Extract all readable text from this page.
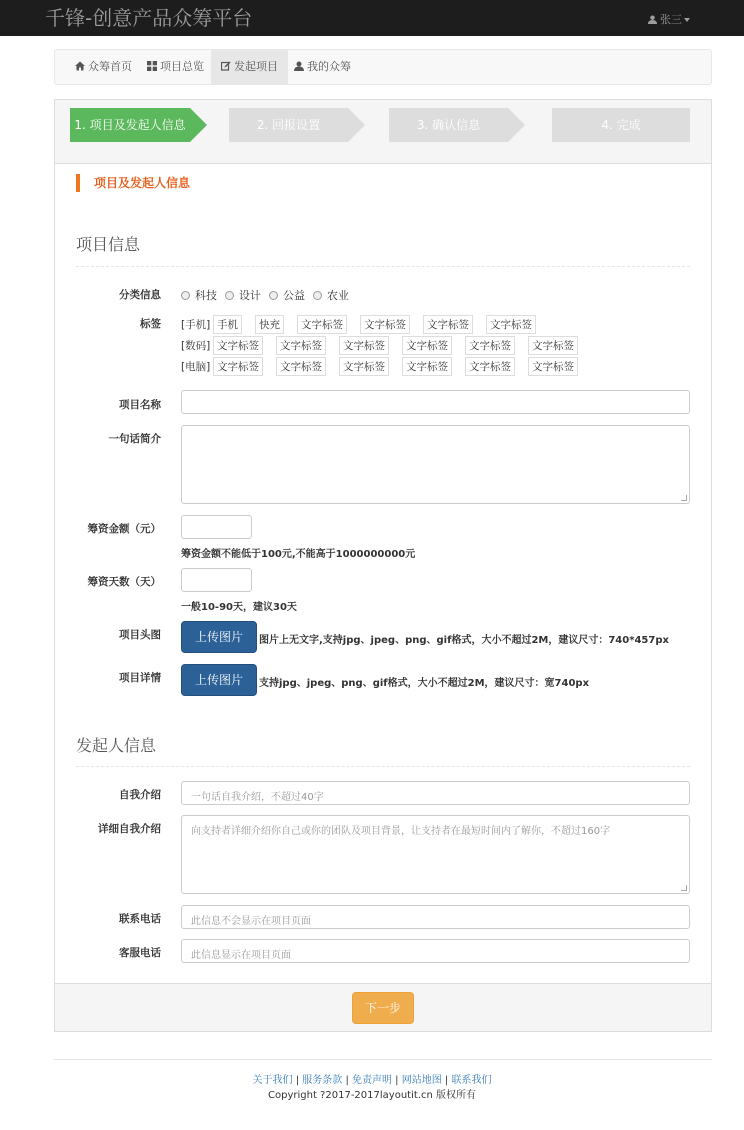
千锋-创意产品众筹平台	张三
众筹首页	项目总览	发起项目	我的众筹
1. 项目及发起人信息	2. 回报设置	3. 确认信息	4. 完成
项目及发起人信息
项目信息
分类信息	科技 设计 公益 农业
标签 [手机] 手机 快充 文字标签 文字标签 文字标签 文字标签
[数码] 文字标签 文字标签 文字标签 文字标签 文字标签 文字标签
[电脑] 文字标签 文字标签 文字标签 文字标签 文字标签 文字标签
项目名称
一句话简介
筹资金额（元）
筹资金额不能低于100元,不能高于1000000000元
筹资天数（天）
一般10-90天，建议30天
项目头图	上传图片	图片上无文字,支持jpg、jpeg、png、gif格式，大小不超过2M，建议尺寸：740*457px
项目详情	上传图片	支持jpg、jpeg、png、gif格式，大小不超过2M，建议尺寸：宽740px
发起人信息
自我介绍	一句话自我介绍，不超过40字
详细自我介绍	向支持者详细介绍你自己或你的团队及项目背景，让支持者在最短时间内了解你，不超过160字
联系电话	此信息不会显示在项目页面
客服电话	此信息显示在项目页面
下一步
关于我们 | 服务条款 | 免责声明 | 网站地图 | 联系我们
Copyright ?2017-2017layoutit.cn 版权所有
